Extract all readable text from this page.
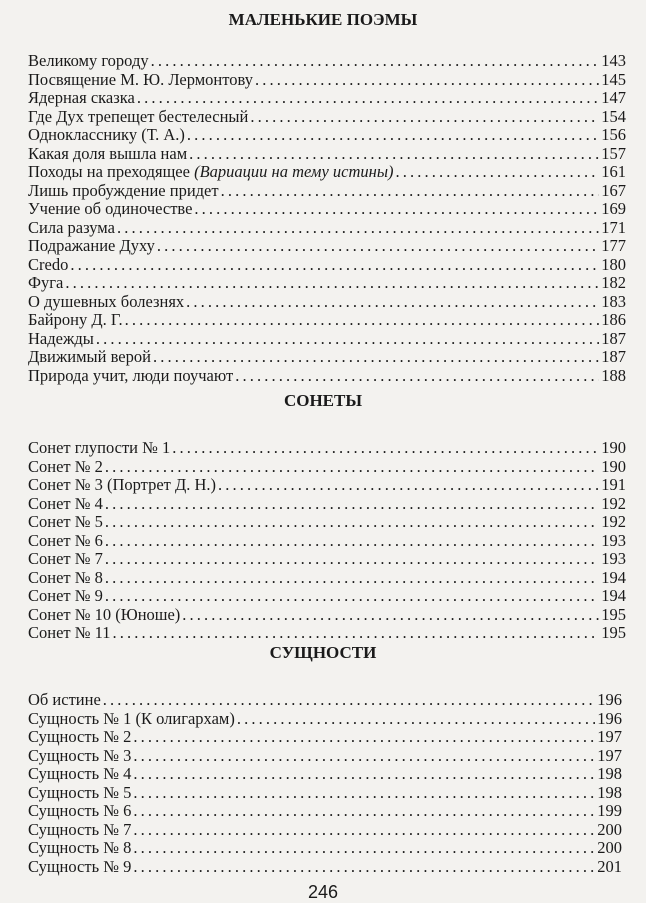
МАЛЕНЬКИЕ ПОЭМЫ
Великому городу . . .	143
Посвящение М. Ю. Лермонтову . . .	145
Ядерная сказка . . .	147
Где Дух трепещет бестелесный . . .	154
Однокласснику (Т. А.) . . .	156
Какая доля вышла нам . . .	157
Походы на преходящее (Вариации на тему истины) . . .	161
Лишь пробуждение придет . . .	167
Учение об одиночестве . . .	169
Сила разума . . .	171
Подражание Духу . . .	177
Credo . . .	180
Фуга . . .	182
О душевных болезнях . . .	183
Байрону Д. Г. . . .	186
Надежды . . .	187
Движимый верой . . .	187
Природа учит, люди поучают . . .	188
СОНЕТЫ
Сонет глупости № 1 . . .	190
Сонет № 2 . . .	190
Сонет № 3 (Портрет Д. Н.) . . .	191
Сонет № 4 . . .	192
Сонет № 5 . . .	192
Сонет № 6 . . .	193
Сонет № 7 . . .	193
Сонет № 8 . . .	194
Сонет № 9 . . .	194
Сонет № 10 (Юноше) . . .	195
Сонет № 11 . . .	195
СУЩНОСТИ
Об истине . . .	196
Сущность № 1 (К олигархам) . . .	196
Сущность № 2 . . .	197
Сущность № 3 . . .	197
Сущность № 4 . . .	198
Сущность № 5 . . .	198
Сущность № 6 . . .	199
Сущность № 7 . . .	200
Сущность № 8 . . .	200
Сущность № 9 . . .	201
246
